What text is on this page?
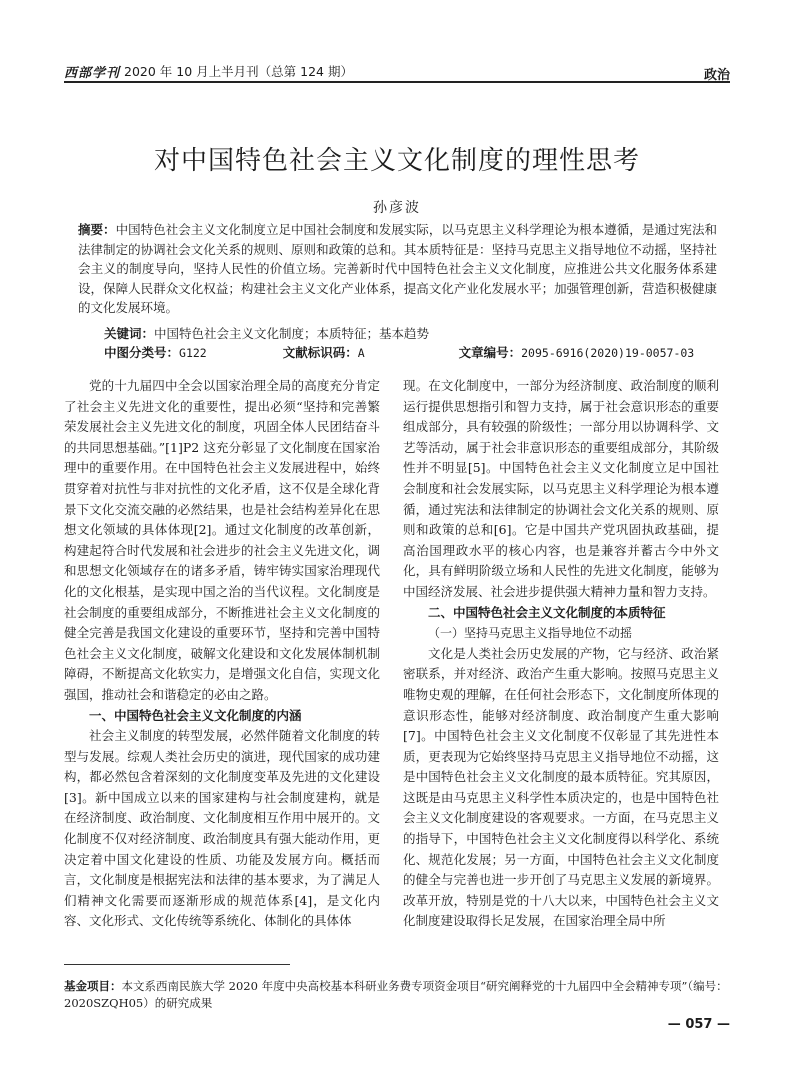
西部学刊 2020 年 10 月上半月刊（总第 124 期）	政治
对中国特色社会主义文化制度的理性思考
孙彦波
摘要：中国特色社会主义文化制度立足中国社会制度和发展实际，以马克思主义科学理论为根本遵循，是通过宪法和法律制定的协调社会文化关系的规则、原则和政策的总和。其本质特征是：坚持马克思主义指导地位不动摇，坚持社会主义的制度导向，坚持人民性的价值立场。完善新时代中国特色社会主义文化制度，应推进公共文化服务体系建设，保障人民群众文化权益；构建社会主义文化产业体系，提高文化产业化发展水平；加强管理创新，营造积极健康的文化发展环境。
关键词：中国特色社会主义文化制度；本质特征；基本趋势
中图分类号：G122	文献标识码：A	文章编号：2095-6916(2020)19-0057-03

党的十九届四中全会以国家治理全局的高度充分肯定了社会主义先进文化的重要性，提出必须“坚持和完善繁荣发展社会主义先进文化的制度，巩固全体人民团结奋斗的共同思想基础。”[1]P2 这充分彰显了文化制度在国家治理中的重要作用。在中国特色社会主义发展进程中，始终贯穿着对抗性与非对抗性的文化矛盾，这不仅是全球化背景下文化交流交融的必然结果，也是社会结构差异化在思想文化领域的具体体现[2]。通过文化制度的改革创新，构建起符合时代发展和社会进步的社会主义先进文化，调和思想文化领域存在的诸多矛盾，铸牢铸实国家治理现代化的文化根基，是实现中国之治的当代议程。文化制度是社会制度的重要组成部分，不断推进社会主义文化制度的健全完善是我国文化建设的重要环节，坚持和完善中国特色社会主义文化制度，破解文化建设和文化发展体制机制障碍，不断提高文化软实力，是增强文化自信，实现文化强国，推动社会和谐稳定的必由之路。

一、中国特色社会主义文化制度的内涵

社会主义制度的转型发展，必然伴随着文化制度的转型与发展。综观人类社会历史的演进，现代国家的成功建构，都必然包含着深刻的文化制度变革及先进的文化建设[3]。新中国成立以来的国家建构与社会制度建构，就是在经济制度、政治制度、文化制度相互作用中展开的。文化制度不仅对经济制度、政治制度具有强大能动作用，更决定着中国文化建设的性质、功能及发展方向。概括而言，文化制度是根据宪法和法律的基本要求，为了满足人们精神文化需要而逐渐形成的规范体系[4]，是文化内容、文化形式、文化传统等系统化、体制化的具体体

现。在文化制度中，一部分为经济制度、政治制度的顺利运行提供思想指引和智力支持，属于社会意识形态的重要组成部分，具有较强的阶级性；一部分用以协调科学、文艺等活动，属于社会非意识形态的重要组成部分，其阶级性并不明显[5]。中国特色社会主义文化制度立足中国社会制度和社会发展实际，以马克思主义科学理论为根本遵循，通过宪法和法律制定的协调社会文化关系的规则、原则和政策的总和[6]。它是中国共产党巩固执政基础，提高治国理政水平的核心内容，也是兼容并蓄古今中外文化，具有鲜明阶级立场和人民性的先进文化制度，能够为中国经济发展、社会进步提供强大精神力量和智力支持。

二、中国特色社会主义文化制度的本质特征
（一）坚持马克思主义指导地位不动摇

文化是人类社会历史发展的产物，它与经济、政治紧密联系，并对经济、政治产生重大影响。按照马克思主义唯物史观的理解，在任何社会形态下，文化制度所体现的意识形态性，能够对经济制度、政治制度产生重大影响[7]。中国特色社会主义文化制度不仅彰显了其先进性本质，更表现为它始终坚持马克思主义指导地位不动摇，这是中国特色社会主义文化制度的最本质特征。究其原因，这既是由马克思主义科学性本质决定的，也是中国特色社会主义文化制度建设的客观要求。一方面，在马克思主义的指导下，中国特色社会主义文化制度得以科学化、系统化、规范化发展；另一方面，中国特色社会主义文化制度的健全与完善也进一步开创了马克思主义发展的新境界。改革开放，特别是党的十八大以来，中国特色社会主义文化制度建设取得长足发展，在国家治理全局中所

基金项目：本文系西南民族大学 2020 年度中央高校基本科研业务费专项资金项目“研究阐释党的十九届四中全会精神专项”（编号：2020SZQH05）的研究成果
— 057 —
